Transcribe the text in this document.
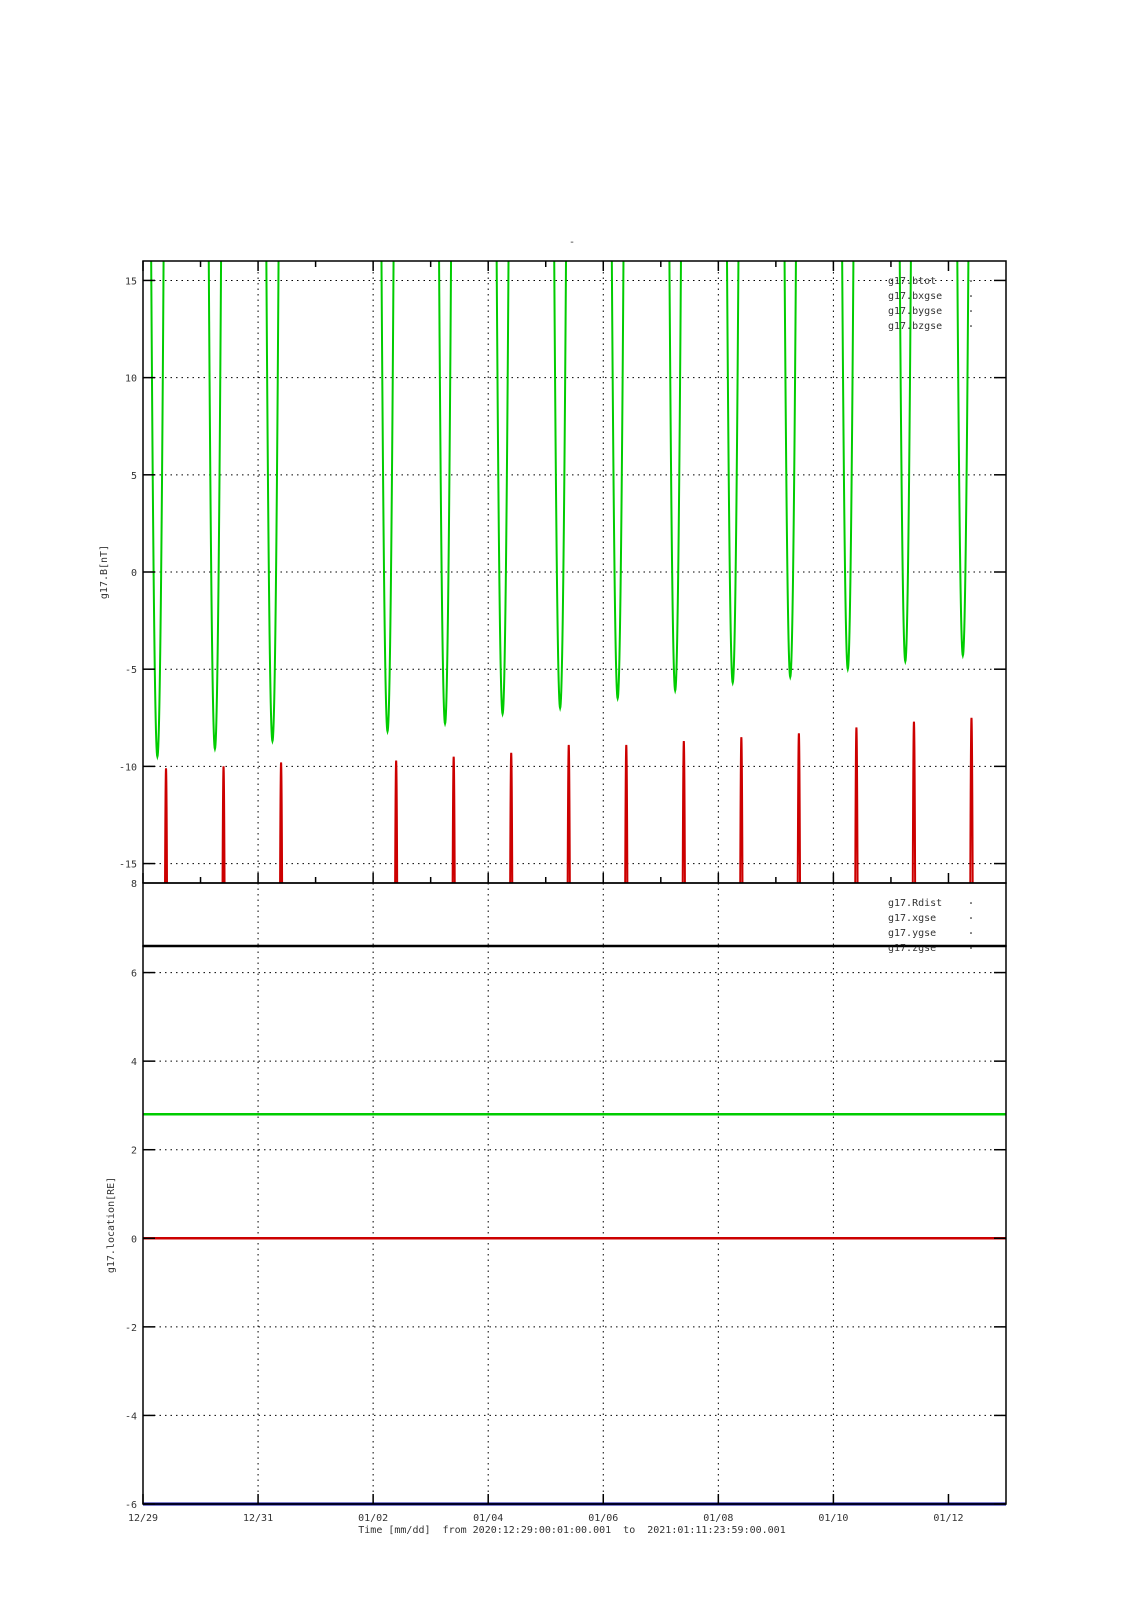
-
15
10
5
0
-5
-10
-15
g17.B[nT]
g17.btot
g17.bxgse
g17.bygse
g17.bzgse
8
g17.Rdist
g17.xgse
g17.ygse
g17.zgse
6
4
2
0
-2
-4
-6
g17.location[RE]
12/29	12/31	01/02	01/04	01/06	01/08	01/10	01/12
Time [mm/dd]  from 2020:12:29:00:01:00.001  to  2021:01:11:23:59:00.001
